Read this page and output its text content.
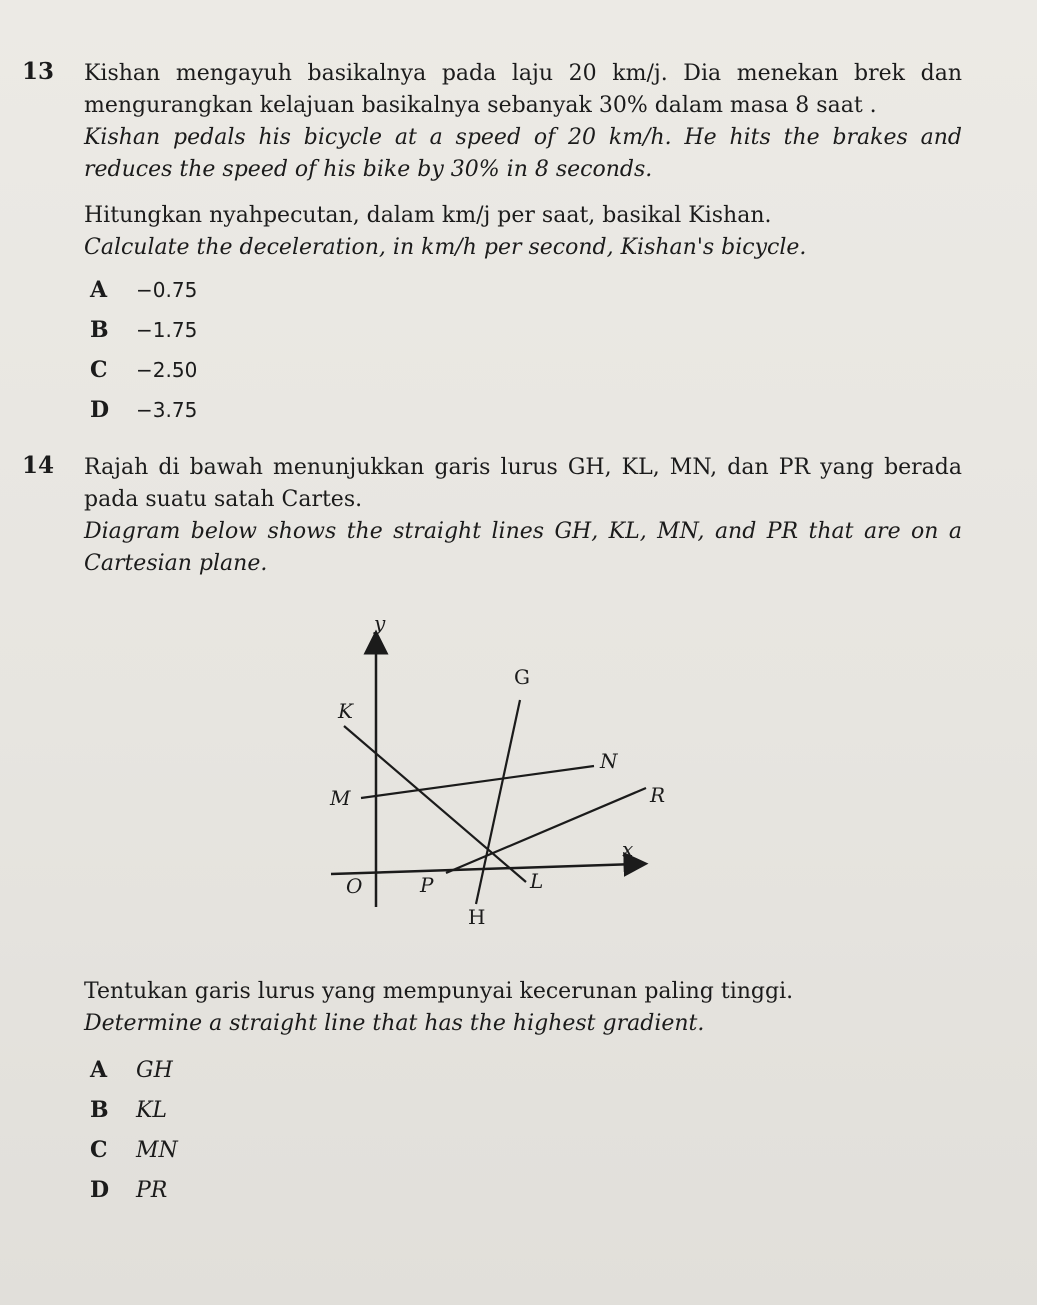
13 Kishan mengayuh basikalnya pada laju 20 km/j. Dia menekan brek dan mengurangkan kelajuan basikalnya sebanyak 30% dalam masa 8 saat .

Kishan pedals his bicycle at a speed of 20 km/h. He hits the brakes and reduces the speed of his bike by 30% in 8 seconds.

Hitungkan nyahpecutan, dalam km/j per saat, basikal Kishan.

Calculate the deceleration, in km/h per second, Kishan's bicycle.

A	−0.75
B	−1.75
C	−2.50
D	−3.75
14 Rajah di bawah menunjukkan garis lurus GH, KL, MN, dan PR yang berada pada suatu satah Cartes.

Diagram below shows the straight lines GH, KL, MN, and PR that are on a Cartesian plane.

y
x
O
G
H
K
L
M
N
P
R

Tentukan garis lurus yang mempunyai kecerunan paling tinggi.

Determine a straight line that has the highest gradient.

A	GH
B	KL
C	MN
D	PR
